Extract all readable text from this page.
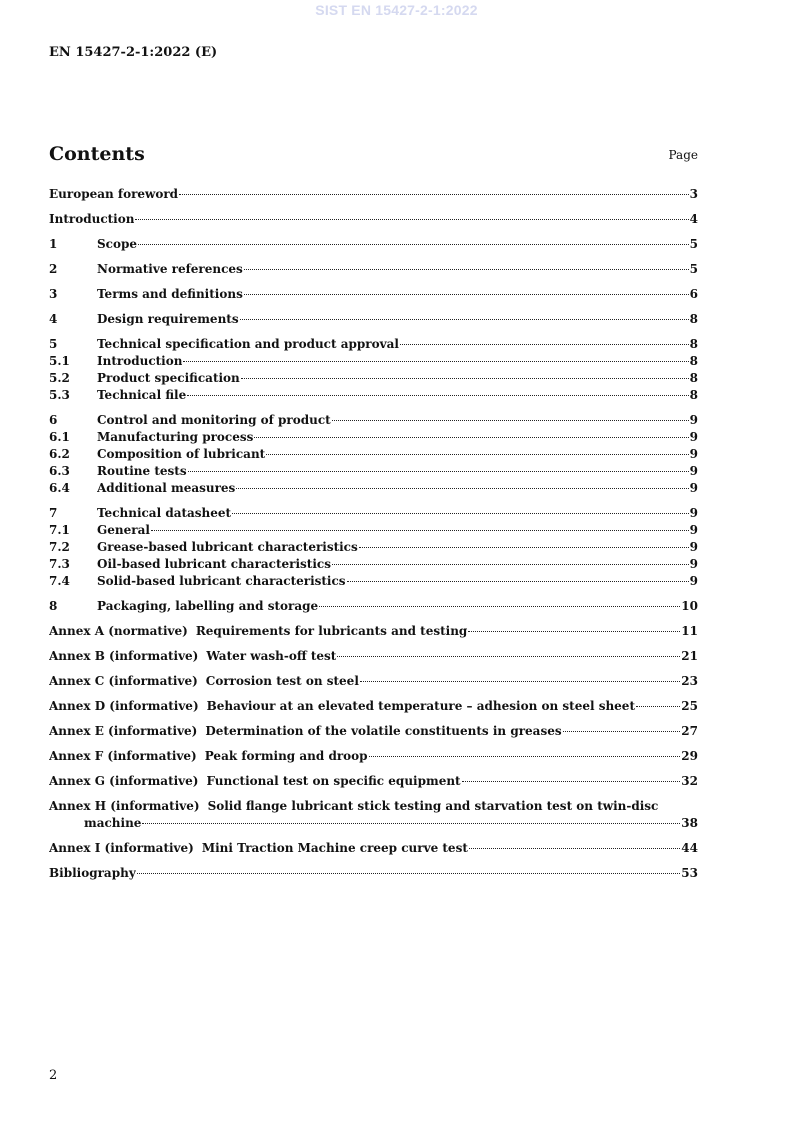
SIST EN 15427-2-1:2022
EN 15427-2-1:2022 (E)
Contents	Page
European foreword	3
Introduction	4
1	Scope	5
2	Normative references	5
3	Terms and definitions	6
4	Design requirements	8
5	Technical specification and product approval	8
5.1	Introduction	8
5.2	Product specification	8
5.3	Technical file	8
6	Control and monitoring of product	9
6.1	Manufacturing process	9
6.2	Composition of lubricant	9
6.3	Routine tests	9
6.4	Additional measures	9
7	Technical datasheet	9
7.1	General	9
7.2	Grease-based lubricant characteristics	9
7.3	Oil-based lubricant characteristics	9
7.4	Solid-based lubricant characteristics	9
8	Packaging, labelling and storage	10
Annex A (normative) Requirements for lubricants and testing	11
Annex B (informative) Water wash-off test	21
Annex C (informative) Corrosion test on steel	23
Annex D (informative) Behaviour at an elevated temperature – adhesion on steel sheet	25
Annex E (informative) Determination of the volatile constituents in greases	27
Annex F (informative) Peak forming and droop	29
Annex G (informative) Functional test on specific equipment	32
Annex H (informative) Solid flange lubricant stick testing and starvation test on twin-disc
machine	38
Annex I (informative) Mini Traction Machine creep curve test	44
Bibliography	53
2
